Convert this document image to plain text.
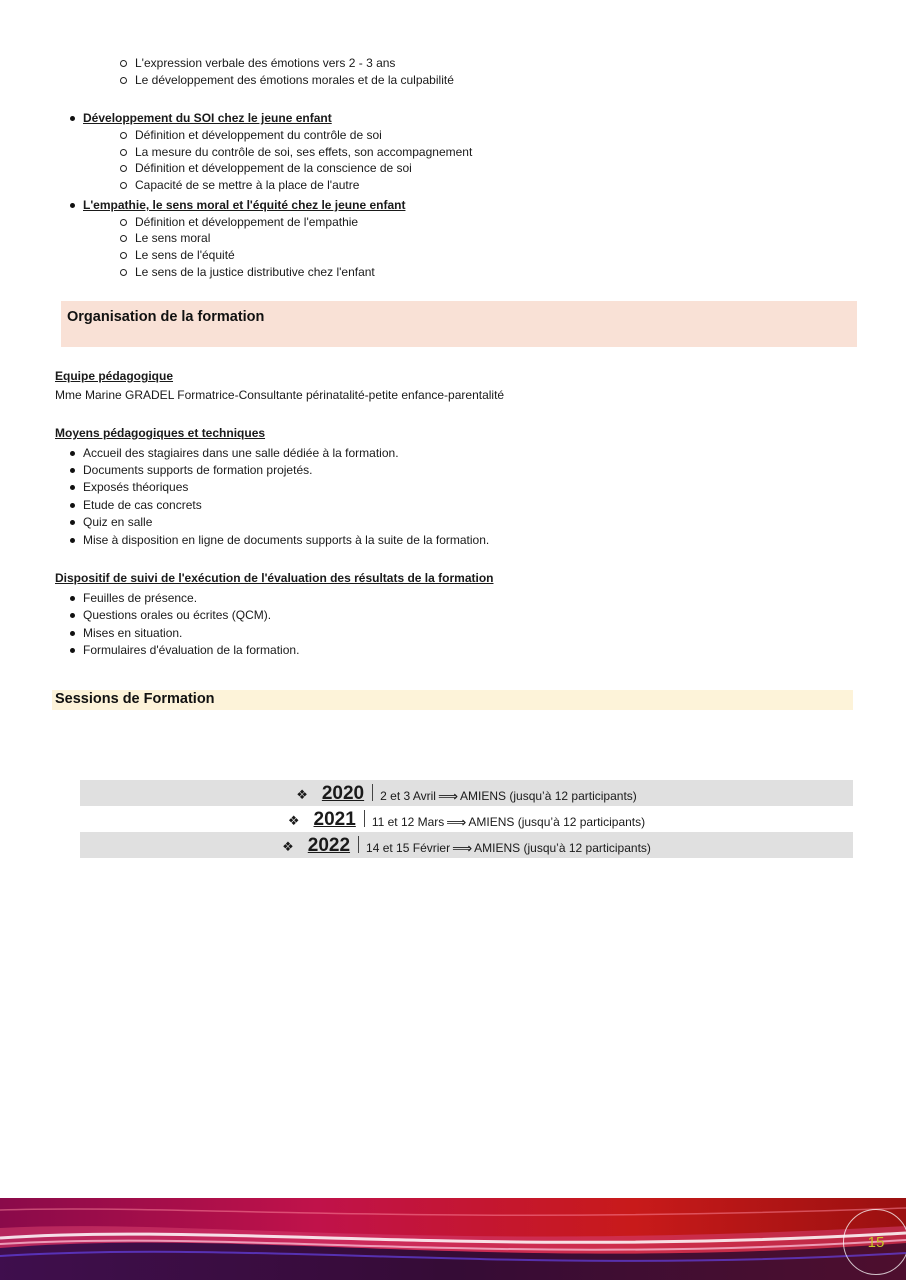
L'expression verbale des émotions vers 2 - 3 ans
Le développement des émotions morales et de la culpabilité
Développement du SOI chez le jeune enfant
Définition et développement du contrôle de soi
La mesure du contrôle de soi, ses effets, son accompagnement
Définition et développement de la conscience de soi
Capacité de se mettre à la place de l'autre
L'empathie, le sens moral et l'équité chez le jeune enfant
Définition et développement de l'empathie
Le sens moral
Le sens de l'équité
Le sens de la justice distributive chez l'enfant
Organisation de la formation
Equipe pédagogique
Mme Marine GRADEL Formatrice-Consultante périnatalité-petite enfance-parentalité
Moyens pédagogiques et techniques
Accueil des stagiaires dans une salle dédiée à la formation.
Documents supports de formation projetés.
Exposés théoriques
Etude de cas concrets
Quiz en salle
Mise à disposition en ligne de documents supports à la suite de la formation.
Dispositif de suivi de l'exécution de l'évaluation des résultats de la formation
Feuilles de présence.
Questions orales ou écrites (QCM).
Mises en situation.
Formulaires d'évaluation de la formation.
Sessions de Formation
❖ 2020 2 et 3 Avril ⟹ AMIENS (jusqu’à 12 participants)
❖ 2021 11 et 12 Mars ⟹ AMIENS (jusqu’à 12 participants)
❖ 2022 14 et 15 Février ⟹ AMIENS (jusqu’à 12 participants)
15
